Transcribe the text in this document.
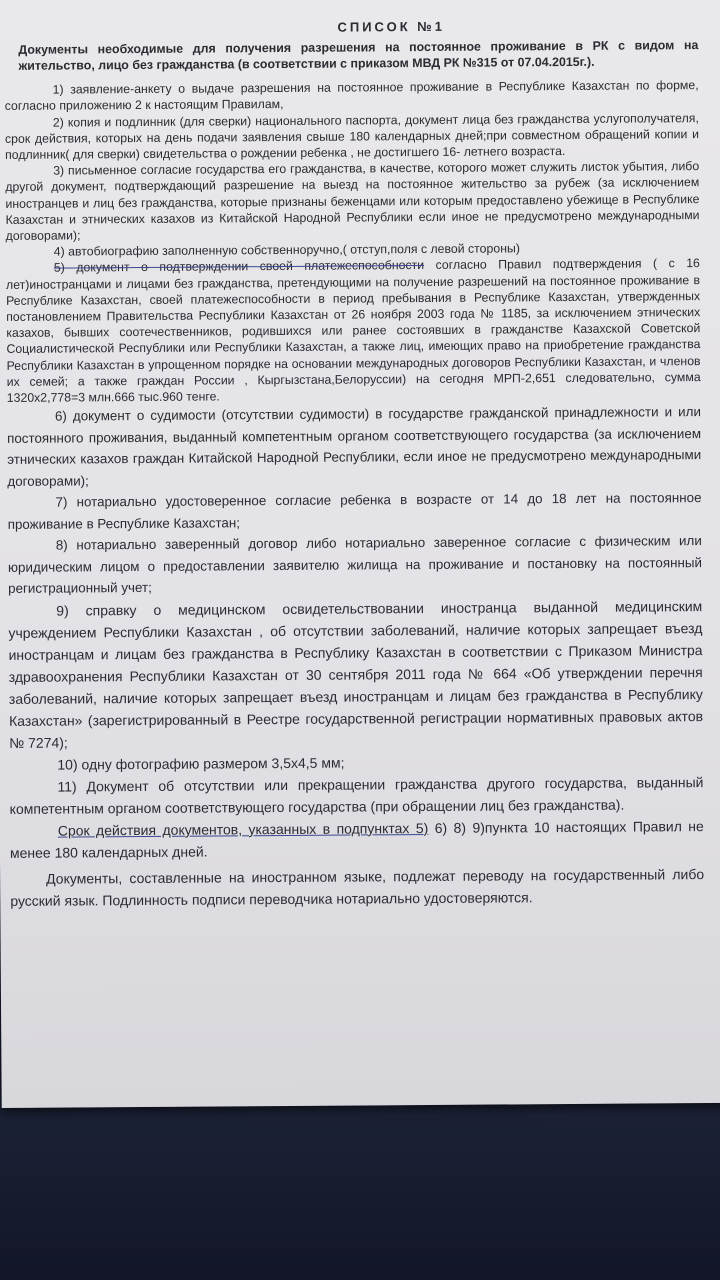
СПИСОК №1
Документы необходимые для получения разрешения на постоянное проживание в РК с видом на жительство, лицо без гражданства (в соответствии с приказом МВД РК №315 от 07.04.2015г.).

1) заявление-анкету о выдаче разрешения на постоянное проживание в Республике Казахстан по форме, согласно приложению 2 к настоящим Правилам,

2) копия и подлинник (для сверки) национального паспорта, документ лица без гражданства услугополучателя, срок действия, которых на день подачи заявления свыше 180 календарных дней;при совместном обращений копии и подлинник( для сверки) свидетельства о рождении ребенка , не достигшего 16- летнего возраста.

3) письменное согласие государства его гражданства, в качестве, которого может служить листок убытия, либо другой документ, подтверждающий разрешение на выезд на постоянное жительство за рубеж (за исключением иностранцев и лиц без гражданства, которые признаны беженцами или которым предоставлено убежище в Республике Казахстан и этнических казахов из Китайской Народной Республики если иное не предусмотрено международными договорами);

4) автобиографию заполненную собственноручно,( отступ,поля с левой стороны)

5) документ о подтверждении своей платежеспособности согласно Правил подтверждения ( с 16 лет)иностранцами и лицами без гражданства, претендующими на получение разрешений на постоянное проживание в Республике Казахстан, своей платежеспособности в период пребывания в Республике Казахстан, утвержденных постановлением Правительства Республики Казахстан от 26 ноября 2003 года № 1185, за исключением этнических казахов, бывших соотечественников, родившихся или ранее состоявших в гражданстве Казахской Советской Социалистической Республики или Республики Казахстан, а также лиц, имеющих право на приобретение гражданства Республики Казахстан в упрощенном порядке на основании международных договоров Республики Казахстан, и членов их семей; а также граждан России , Кыргызстана,Белоруссии) на сегодня МРП-2,651 следовательно, сумма 1320х2,778=3 млн.666 тыс.960 тенге.

6) документ о судимости (отсутствии судимости) в государстве гражданской принадлежности и или постоянного проживания, выданный компетентным органом соответствующего государства (за исключением этнических казахов граждан Китайской Народной Республики, если иное не предусмотрено международными договорами);

7) нотариально удостоверенное согласие ребенка в возрасте от 14 до 18 лет на постоянное проживание в Республике Казахстан;

8) нотариально заверенный договор либо нотариально заверенное согласие с физическим или юридическим лицом о предоставлении заявителю жилища на проживание и постановку на постоянный регистрационный учет;

9) справку о медицинском освидетельствовании иностранца выданной медицинским учреждением Республики Казахстан , об отсутствии заболеваний, наличие которых запрещает въезд иностранцам и лицам без гражданства в Республику Казахстан в соответствии с Приказом Министра здравоохранения Республики Казахстан от 30 сентября 2011 года № 664 «Об утверждении перечня заболеваний, наличие которых запрещает въезд иностранцам и лицам без гражданства в Республику Казахстан» (зарегистрированный в Реестре государственной регистрации нормативных правовых актов № 7274);

10) одну фотографию размером 3,5х4,5 мм;

11) Документ об отсутствии или прекращении гражданства другого государства, выданный компетентным органом соответствующего государства (при обращении лиц без гражданства).

Срок действия документов, указанных в подпунктах 5) 6) 8) 9)пункта 10 настоящих Правил не менее 180 календарных дней.

Документы, составленные на иностранном языке, подлежат переводу на государственный либо русский язык. Подлинность подписи переводчика нотариально удостоверяются.
